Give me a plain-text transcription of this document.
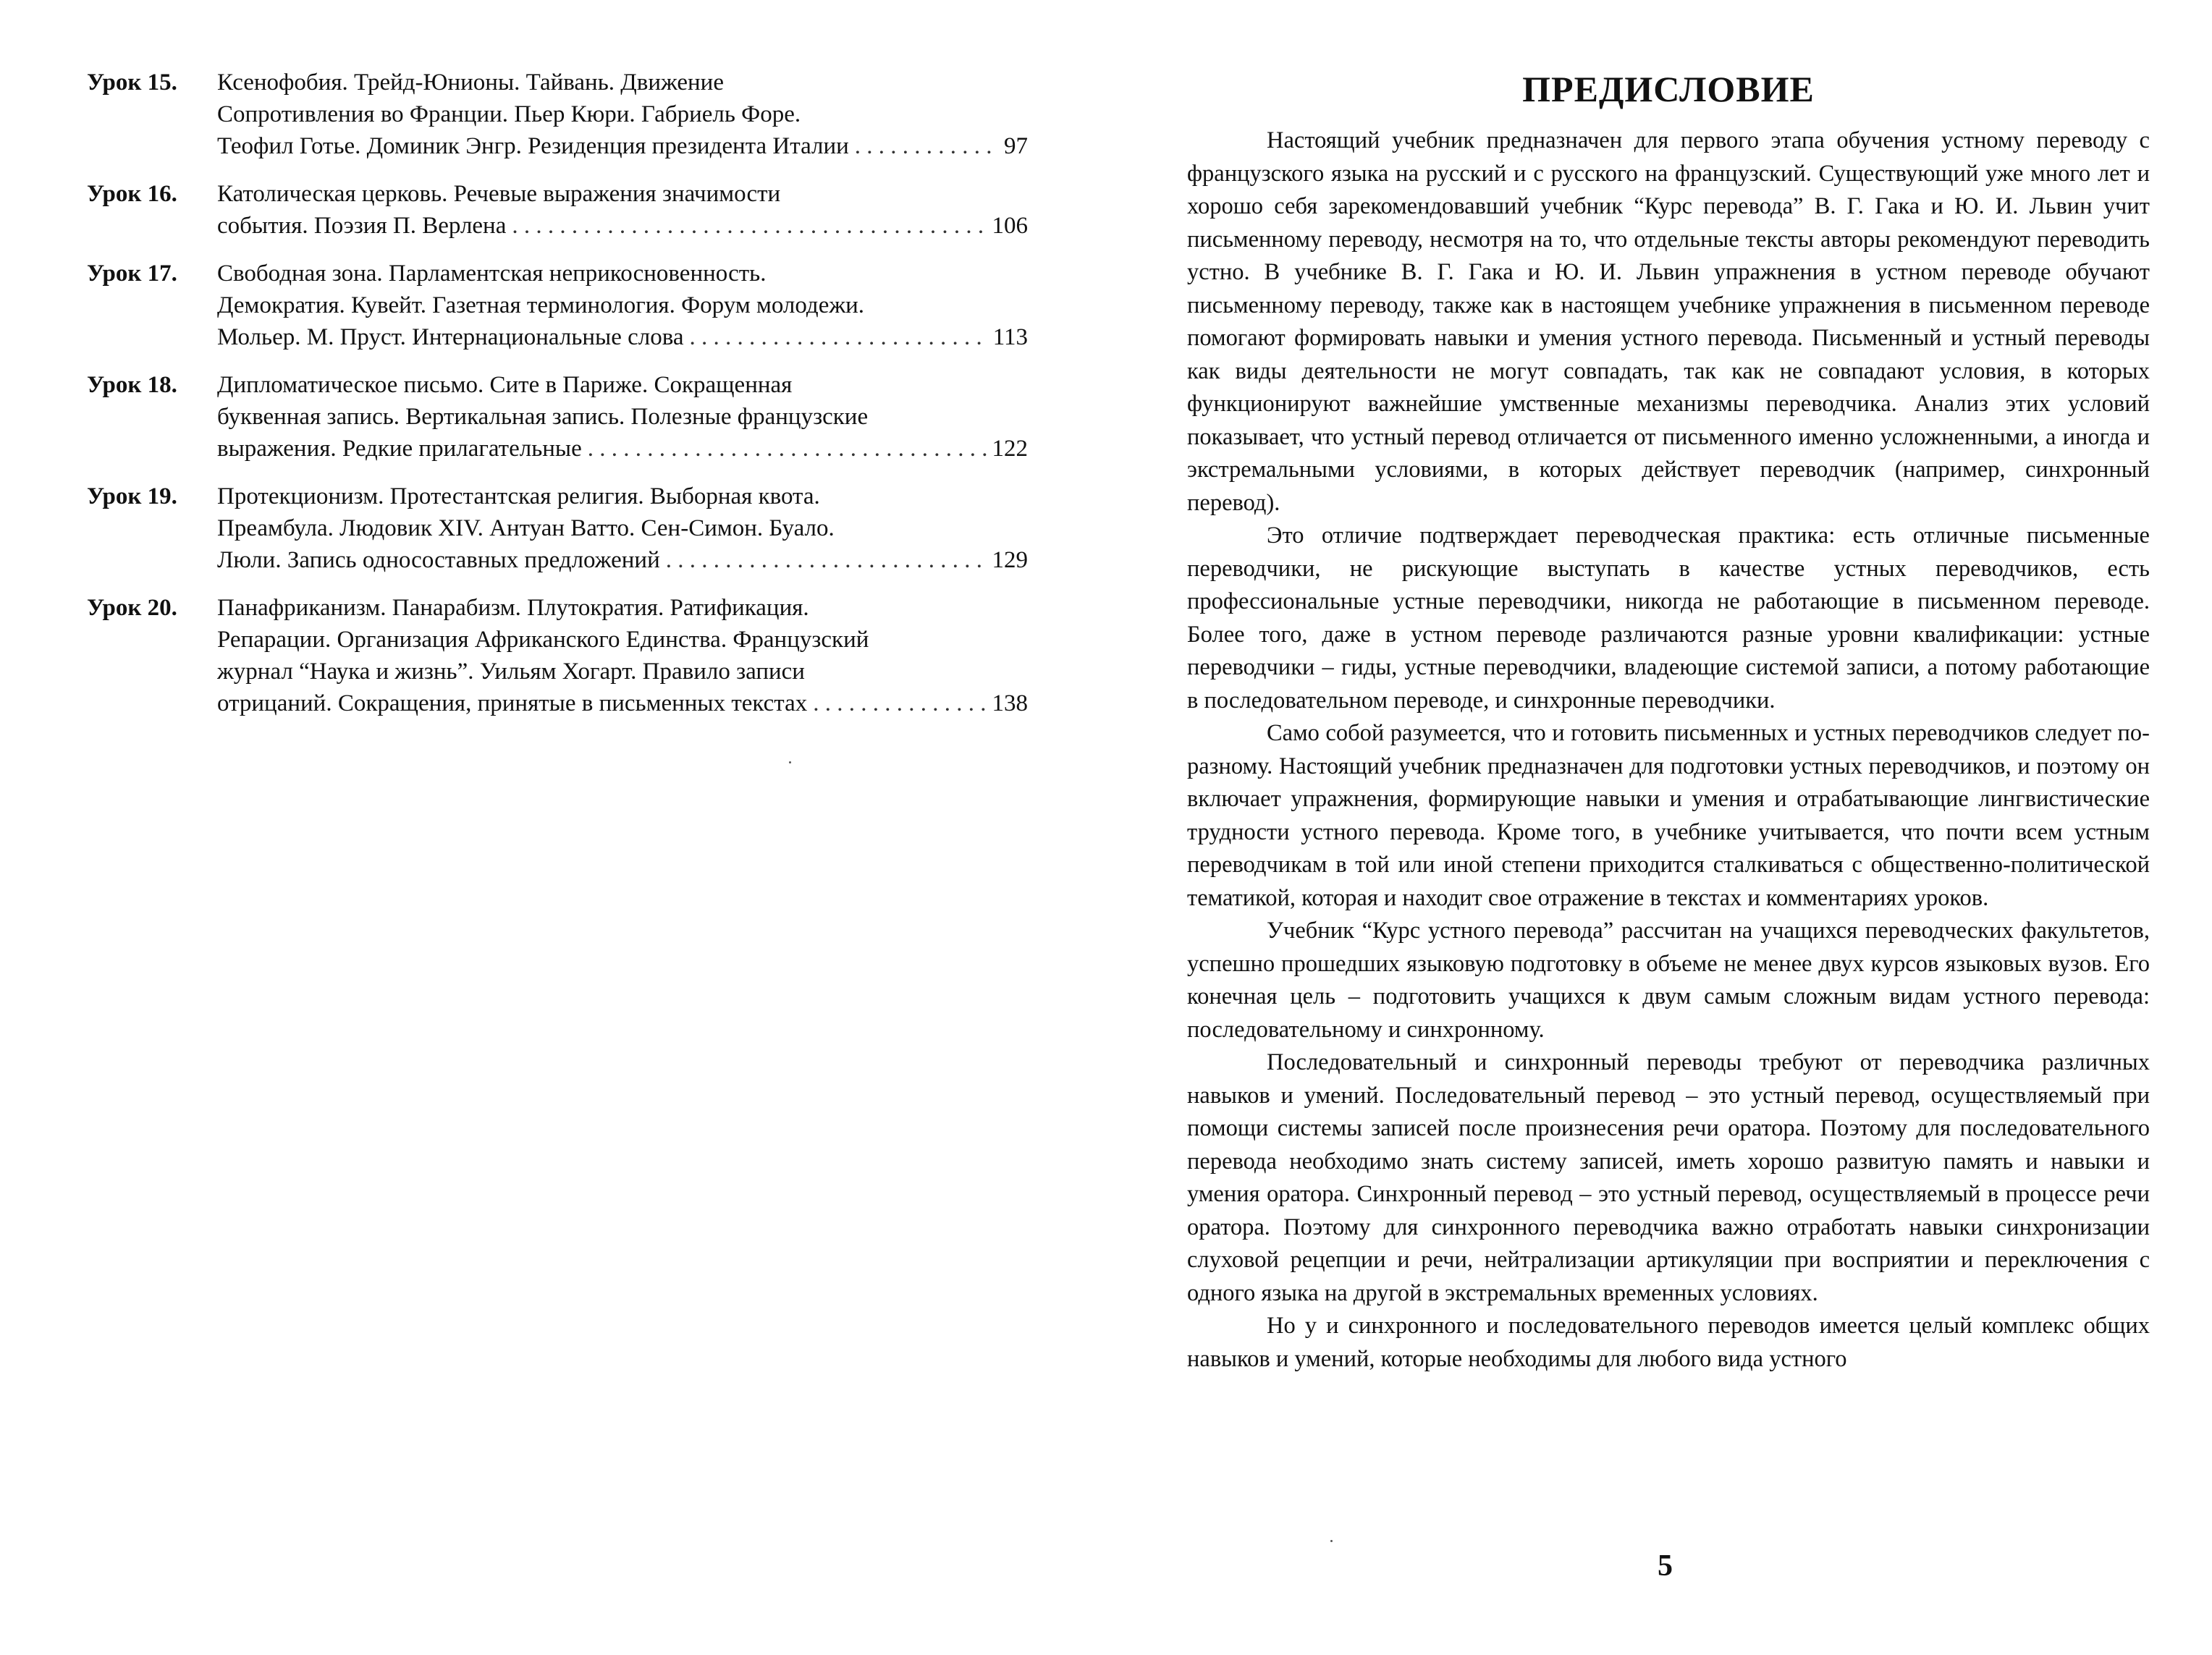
Урок 15.	Ксенофобия. Трейд-Юнионы. Тайвань. Движение
Сопротивления во Франции. Пьер Кюри. Габриель Форе.
Теофил Готье. Доминик Энгр. Резиденция президента Италии . . .	97
Урок 16.	Католическая церковь. Речевые выражения значимости
события. Поэзия П. Верлена . . .	106
Урок 17.	Свободная зона. Парламентская неприкосновенность.
Демократия. Кувейт. Газетная терминология. Форум молодежи.
Мольер. М. Пруст. Интернациональные слова . . .	113
Урок 18.	Дипломатическое письмо. Сите в Париже. Сокращенная
буквенная запись. Вертикальная запись. Полезные французские
выражения. Редкие прилагательные . . .	122
Урок 19.	Протекционизм. Протестантская религия. Выборная квота.
Преамбула. Людовик XIV. Антуан Ватто. Сен-Симон. Буало.
Люли. Запись односоставных предложений . . .	129
Урок 20.	Панафриканизм. Панарабизм. Плутократия. Ратификация.
Репарации. Организация Африканского Единства. Французский
журнал “Наука и жизнь”. Уильям Хогарт. Правило записи
отрицаний. Сокращения, принятые в письменных текстах . . .	138
ПРЕДИСЛОВИЕ

Настоящий учебник предназначен для первого этапа обучения устному переводу с французского языка на русский и с русского на французский. Существующий уже много лет и хорошо себя зарекомендовавший учебник “Курс перевода” В. Г. Гака и Ю. И. Львин учит письменному переводу, несмотря на то, что отдельные тексты авторы рекомендуют переводить устно. В учебнике В. Г. Гака и Ю. И. Львин упражнения в устном переводе обучают письменному переводу, также как в настоящем учебнике упражнения в письменном переводе помогают формировать навыки и умения устного перевода. Письменный и устный переводы как виды деятельности не могут совпадать, так как не совпадают условия, в которых функционируют важнейшие умственные механизмы переводчика. Анализ этих условий показывает, что устный перевод отличается от письменного именно усложненными, а иногда и экстремальными условиями, в которых действует переводчик (например, синхронный перевод).

Это отличие подтверждает переводческая практика: есть отличные письменные переводчики, не рискующие выступать в качестве устных переводчиков, есть профессиональные устные переводчики, никогда не работающие в письменном переводе. Более того, даже в устном переводе различаются разные уровни квалификации: устные переводчики – гиды, устные переводчики, владеющие системой записи, а потому работающие в последовательном переводе, и синхронные переводчики.

Само собой разумеется, что и готовить письменных и устных переводчиков следует по-разному. Настоящий учебник предназначен для подготовки устных переводчиков, и поэтому он включает упражнения, формирующие навыки и умения и отрабатывающие лингвистические трудности устного перевода. Кроме того, в учебнике учитывается, что почти всем устным переводчикам в той или иной степени приходится сталкиваться с общественно-политической тематикой, которая и находит свое отражение в текстах и комментариях уроков.

Учебник “Курс устного перевода” рассчитан на учащихся переводческих факультетов, успешно прошедших языковую подготовку в объеме не менее двух курсов языковых вузов. Его конечная цель – подготовить учащихся к двум самым сложным видам устного перевода: последовательному и синхронному.

Последовательный и синхронный переводы требуют от переводчика различных навыков и умений. Последовательный перевод – это устный перевод, осуществляемый при помощи системы записей после произнесения речи оратора. Поэтому для последовательного перевода необходимо знать систему записей, иметь хорошо развитую память и навыки и умения оратора. Синхронный перевод – это устный перевод, осуществляемый в процессе речи оратора. Поэтому для синхронного переводчика важно отработать навыки синхронизации слуховой рецепции и речи, нейтрализации артикуляции при восприятии и переключения с одного языка на другой в экстремальных временных условиях.

Но у и синхронного и последовательного переводов имеется целый комплекс общих навыков и умений, которые необходимы для любого вида устного

5
